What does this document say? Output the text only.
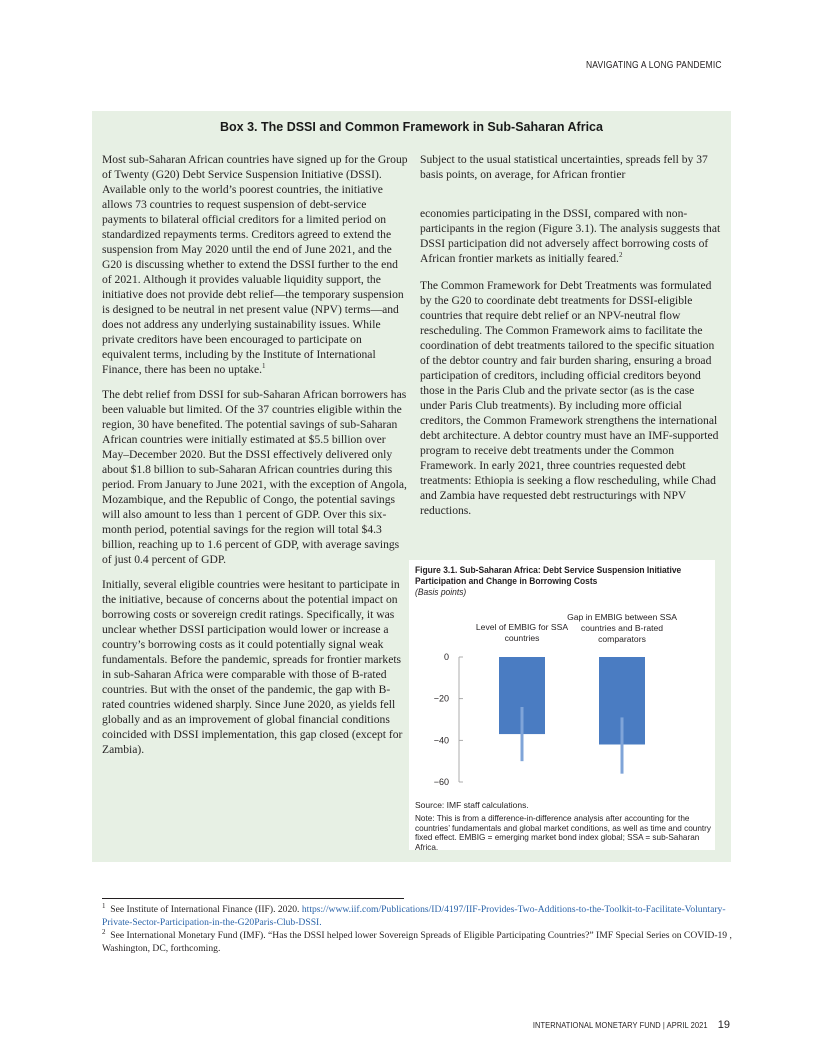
NAVIGATING A LONG PANDEMIC
Box 3. The DSSI and Common Framework in Sub-Saharan Africa

Most sub-Saharan African countries have signed up for the Group of Twenty (G20) Debt Service Suspension Initiative (DSSI). Available only to the world’s poorest countries, the initiative allows 73 countries to request suspension of debt-service payments to bilateral official creditors for a limited period on standardized repayments terms. Creditors agreed to extend the suspension from May 2020 until the end of June 2021, and the G20 is discussing whether to extend the DSSI further to the end of 2021. Although it provides valuable liquidity support, the initiative does not provide debt relief—the temporary suspension is designed to be neutral in net present value (NPV) terms—and does not address any underlying sustainability issues. While private creditors have been encouraged to participate on equivalent terms, including by the Institute of International Finance, there has been no uptake.$^1$

The debt relief from DSSI for sub-Saharan African borrowers has been valuable but limited. Of the 37 countries eligible within the region, 30 have benefited. The potential savings of sub-Saharan African countries were initially estimated at $5.5 billion over May–December 2020. But the DSSI effectively delivered only about $1.8 billion to sub-Saharan African countries during this period. From January to June 2021, with the exception of Angola, Mozambique, and the Republic of Congo, the potential savings will also amount to less than 1 percent of GDP. Over this six-month period, potential savings for the region will total $4.3 billion, reaching up to 1.6 percent of GDP, with average savings of just 0.4 percent of GDP.

Initially, several eligible countries were hesitant to participate in the initiative, because of concerns about the potential impact on borrowing costs or sovereign credit ratings. Specifically, it was unclear whether DSSI participation would lower or increase a country’s borrowing costs as it could potentially signal weak fundamentals. Before the pandemic, spreads for frontier markets in sub-Saharan Africa were comparable with those of B-rated countries. But with the onset of the pandemic, the gap with B-rated countries widened sharply. Since June 2020, as yields fell globally and as an improvement of global financial conditions coincided with DSSI implementation, this gap closed (except for Zambia).

Subject to the usual statistical uncertainties, spreads fell by 37 basis points, on average, for African frontier

economies participating in the DSSI, compared with non-participants in the region (Figure 3.1). The analysis suggests that DSSI participation did not adversely affect borrowing costs of African frontier markets as initially feared.$^2$

The Common Framework for Debt Treatments was formulated by the G20 to coordinate debt treatments for DSSI-eligible countries that require debt relief or an NPV-neutral flow rescheduling. The Common Framework aims to facilitate the coordination of debt treatments tailored to the specific situation of the debtor country and fair burden sharing, ensuring a broad participation of creditors, including official creditors beyond those in the Paris Club and the private sector (as is the case under Paris Club treatments). By including more official creditors, the Common Framework strengthens the international debt architecture. A debtor country must have an IMF-supported program to receive debt treatments under the Common Framework. In early 2021, three countries requested debt treatments: Ethiopia is seeking a flow rescheduling, while Chad and Zambia have requested debt restructurings with NPV reductions.

Figure 3.1. Sub-Saharan Africa: Debt Service Suspension Initiative Participation and Change in Borrowing Costs
(Basis points)
0
−20
−40
−60
Level of EMBIG for SSA
countries
Gap in EMBIG between SSA
countries and B-rated
comparators
Source: IMF staff calculations.
Note: This is from a difference-in-difference analysis after accounting for the countries’ fundamentals and global market conditions, as well as time and country fixed effect. EMBIG = emerging market bond index global; SSA = sub-Saharan Africa.

$^1$ See Institute of International Finance (IIF). 2020. https://www.iif.com/Publications/ID/4197/IIF-Provides-Two-Additions-to-the-Toolkit-to-Facilitate-Voluntary-Private-Sector-Participation-in-the-G20Paris-Club-DSSI.

$^2$ See International Monetary Fund (IMF). “Has the DSSI helped lower Sovereign Spreads of Eligible Participating Countries?” IMF Special Series on COVID-19 , Washington, DC, forthcoming.

INTERNATIONAL MONETARY FUND | APRIL 2021 19
